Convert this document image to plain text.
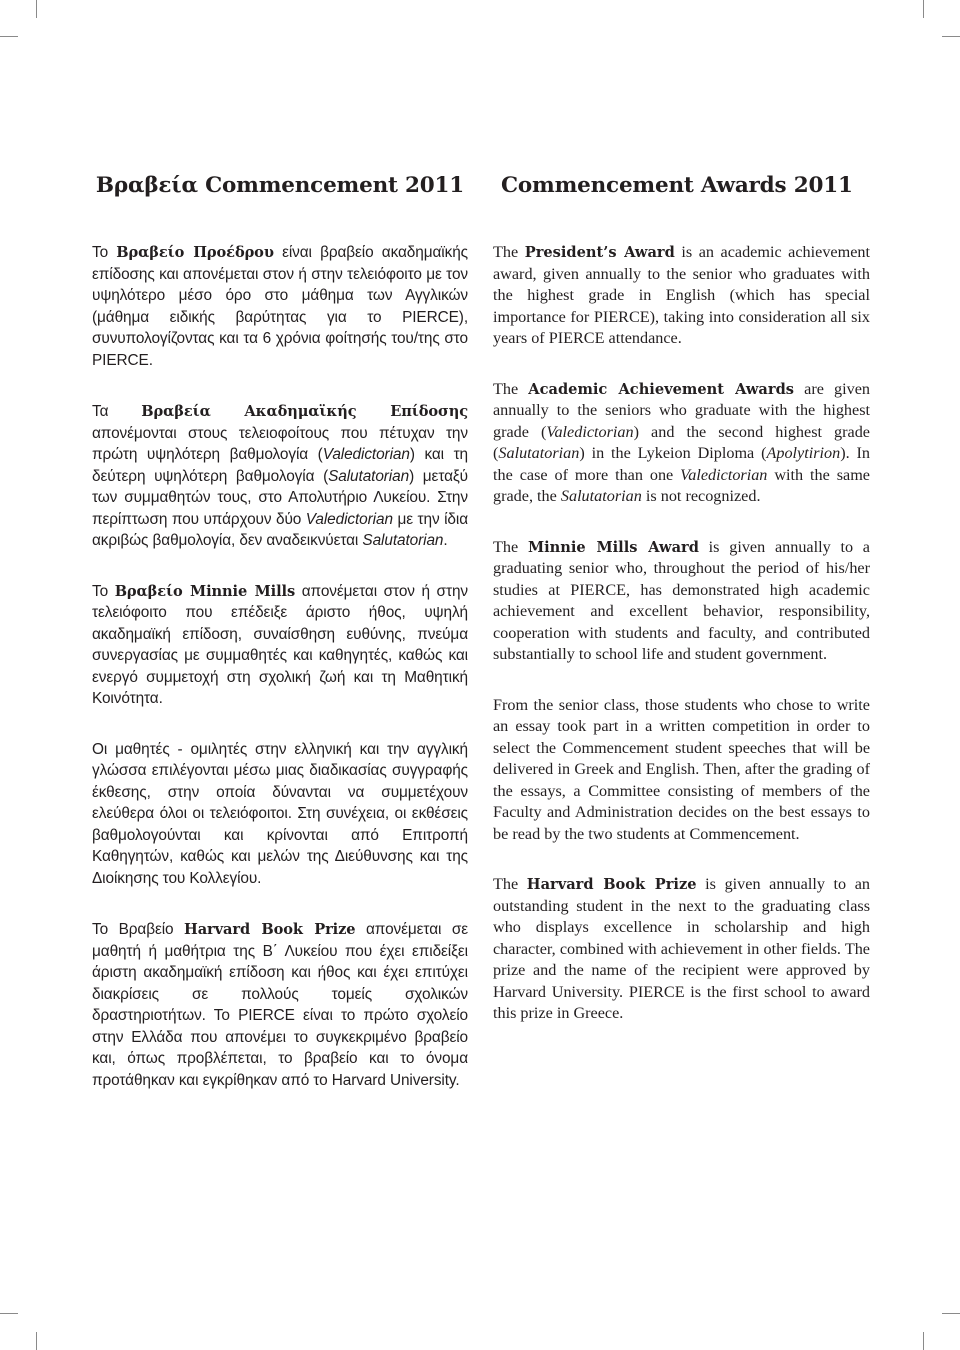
Βραβεία Commencement 2011

Το Βραβείο Προέδρου είναι βραβείο ακαδημαϊκής επίδοσης και απονέμεται στον ή στην τελειόφοιτο με τον υψηλότερο μέσο όρο στο μάθημα των Αγγλικών (μάθημα ειδικής βαρύτητας για το PIERCE), συνυπολογίζοντας και τα 6 χρόνια φοίτησής του/της στο PIERCE.

Τα Βραβεία Ακαδημαϊκής Επίδοσης απονέμονται στους τελειοφοίτους που πέτυχαν την πρώτη υψηλότερη βαθμολογία (Valedictorian) και τη δεύτερη υψηλότερη βαθμολογία (Salutatorian) μεταξύ των συμμαθητών τους, στο Απολυτήριο Λυκείου. Στην περίπτωση που υπάρχουν δύο Valedictorian με την ίδια ακριβώς βαθμολογία, δεν αναδεικνύεται Salutatorian.

Το Βραβείο Minnie Mills απονέμεται στον ή στην τελειόφοιτο που επέδειξε άριστο ήθος, υψηλή ακαδημαϊκή επίδοση, συναίσθηση ευθύνης, πνεύμα συνεργασίας με συμμαθητές και καθηγητές, καθώς και ενεργό συμμετοχή στη σχολική ζωή και τη Μαθητική Κοινότητα.

Οι μαθητές - ομιλητές στην ελληνική και την αγγλική γλώσσα επιλέγονται μέσω μιας διαδικασίας συγγραφής έκθεσης, στην οποία δύνανται να συμμετέχουν ελεύθερα όλοι οι τελειόφοιτοι. Στη συνέχεια, οι εκθέσεις βαθμολογούνται και κρίνονται από Επιτροπή Καθηγητών, καθώς και μελών της Διεύθυνσης και της Διοίκησης του Κολλεγίου.

Το Βραβείο Harvard Book Prize απονέμεται σε μαθητή ή μαθήτρια της Β΄ Λυκείου που έχει επιδείξει άριστη ακαδημαϊκή επίδοση και ήθος και έχει επιτύχει διακρίσεις σε πολλούς τομείς σχολικών δραστηριοτήτων. Το PIERCE είναι το πρώτο σχολείο στην Ελλάδα που απονέμει το συγκεκριμένο βραβείο και, όπως προβλέπεται, το βραβείο και το όνομα προτάθηκαν και εγκρίθηκαν από το Harvard University.

Commencement Awards 2011

The President’s Award is an academic achievement award, given annually to the senior who graduates with the highest grade in English (which has special importance for PIERCE), taking into consideration all six years of PIERCE attendance.

The Academic Achievement Awards are given annually to the seniors who graduate with the highest grade (Valedictorian) and the second highest grade (Salutatorian) in the Lykeion Diploma (Apolytirion). In the case of more than one Valedictorian with the same grade, the Salutatorian is not recognized.

The Minnie Mills Award is given annually to a graduating senior who, throughout the period of his/her studies at PIERCE, has demonstrated high academic achievement and excellent behavior, responsibility, cooperation with students and faculty, and contributed substantially to school life and student government.

From the senior class, those students who chose to write an essay took part in a written competition in order to select the Commencement student speeches that will be delivered in Greek and English. Then, after the grading of the essays, a Committee consisting of members of the Faculty and Administration decides on the best essays to be read by the two students at Commencement.

The Harvard Book Prize is given annually to an outstanding student in the next to the graduating class who displays excellence in scholarship and high character, combined with achievement in other fields. The prize and the name of the recipient were approved by Harvard University. PIERCE is the first school to award this prize in Greece.
